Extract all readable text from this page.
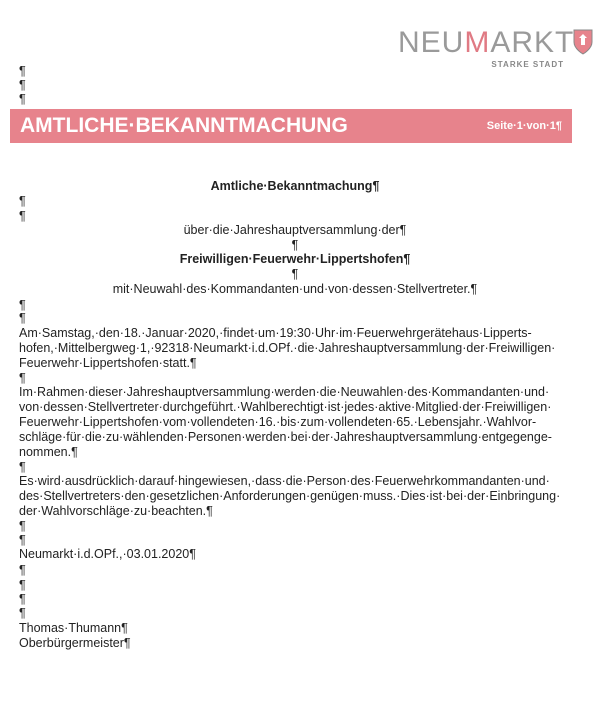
NEUMARKT
STARKE STADT
¶
¶
¶
AMTLICHE·BEKANNTMACHUNG	Seite·1·von·1¶
Amtliche·Bekanntmachung¶
¶
¶
über·die·Jahreshauptversammlung·der¶
¶
Freiwilligen·Feuerwehr·Lippertshofen¶
¶
mit·Neuwahl·des·Kommandanten·und·von·dessen·Stellvertreter.¶
¶
¶
Am·Samstag,·den·18.·Januar·2020,·findet·um·19:30·Uhr·im·Feuerwehrgerätehaus·Lipperts-
hofen,·Mittelbergweg·1,·92318·Neumarkt·i.d.OPf.·die·Jahreshauptversammlung·der·Freiwilligen·
Feuerwehr·Lippertshofen·statt.¶
¶
Im·Rahmen·dieser·Jahreshauptversammlung·werden·die·Neuwahlen·des·Kommandanten·und·
von·dessen·Stellvertreter·durchgeführt.·Wahlberechtigt·ist·jedes·aktive·Mitglied·der·Freiwilligen·
Feuerwehr·Lippertshofen·vom·vollendeten·16.·bis·zum·vollendeten·65.·Lebensjahr.·Wahlvor-
schläge·für·die·zu·wählenden·Personen·werden·bei·der·Jahreshauptversammlung·entgegenge-
nommen.¶
¶
Es·wird·ausdrücklich·darauf·hingewiesen,·dass·die·Person·des·Feuerwehrkommandanten·und·
des·Stellvertreters·den·gesetzlichen·Anforderungen·genügen·muss.·Dies·ist·bei·der·Einbringung·
der·Wahlvorschläge·zu·beachten.¶
¶
¶
Neumarkt·i.d.OPf.,·03.01.2020¶
¶
¶
¶
¶
Thomas·Thumann¶
Oberbürgermeister¶
